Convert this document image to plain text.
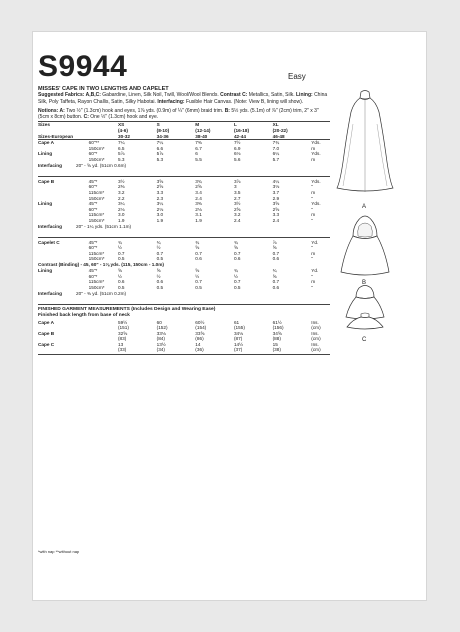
S9944	Easy

MISSES' CAPE IN TWO LENGTHS AND CAPELET

Suggested Fabrics: A,B,C: Gabardine, Linen, Silk Noil, Twill, Wool/Wool Blends. Contrast C: Metallics, Satin, Silk. Lining: China Silk, Poly Taffeta, Rayon Challis, Satin, Silky Habotai. Interfacing: Fusible Hair Canvas. (Note: View B, lining will show).

Notions: A: Two ½" (1.3cm) hook and eyes, 1⅞ yds. (0.9m) of ¼" (6mm) braid trim. B: 5½ yds. (5.1m) of ⅞" (2cm) trim, 2" x 3" (5cm x 8cm) button. C: One ½" (1.3cm) hook and eye.

Sizes		XS	S	M	L	XL	
		(4-6)	(8-10)	(12-14)	(16-18)	(20-22)	
Sizes-European		30-32	34-36	38-40	42-44	46-48	
Cape A	60"**	7¼	7¼	7⅜	7½	7¾	Yds.
	150cm*	6.5	6.6	6.7	6.9	7.0	m
Lining	60"*	5⅞	5⅞	6	6⅛	6¼	Yds.
	150cm*	5.3	5.3	5.5	5.6	5.7	m
Interfacing	20" - ⅝ yd. (51cm 0.6m)
Cape B	45"*	3½	3⅝	3¾	3⅞	4¼	Yds.
	60"*	2⅜	2⅝	2⅝	3	3⅛	"
	115cm*	3.2	3.3	3.4	3.5	3.7	m
	150cm*	2.2	2.3	2.4	2.7	2.9	"
Lining	45"*	3¼	3¼	3⅜	3½	3⅝	Yds.
	60"*	2⅛	2⅛	2⅛	2⅝	2⅝	"
	115cm*	3.0	3.0	3.1	3.2	3.3	m
	150cm*	1.9	1.9	1.9	2.4	2.4	"
Interfacing	20" - 1¼ yds. (51cm 1.1m)
Capelet C	45"*	¾	¾	¾	¾	⅞	Yd.
	60"*	½	½	⅝	⅝	⅝	"
	115cm*	0.7	0.7	0.7	0.7	0.7	m
	150cm*	0.5	0.5	0.6	0.6	0.6	"

Contrast (Binding) - 45, 60" - 1⅛ yds. (115, 150cm - 1.0m)

Lining	45"*	⅝	⅝	⅝	¾	¾	Yd.
	60"*	½	½	½	½	⅝	"
	115cm*	0.6	0.6	0.7	0.7	0.7	m
	150cm*	0.5	0.5	0.5	0.5	0.6	"
Interfacing	20" - ⅜ yd. (51cm 0.2m)

FINISHED GARMENT MEASUREMENTS (Includes Design and Wearing Ease)

Finished back length from base of neck

Cape A		59½	60	60½	61	61½	Ins.
		(151)	(152)	(154)	(155)	(156)	(cm)
Cape B		32⅝	33⅛	33⅝	34⅛	34⅝	Ins.
		(83)	(84)	(86)	(87)	(88)	(cm)
Cape C		13	13½	14	14½	15	Ins.
		(33)	(34)	(36)	(37)	(38)	(cm)
*with nap **without nap
A
B
C
